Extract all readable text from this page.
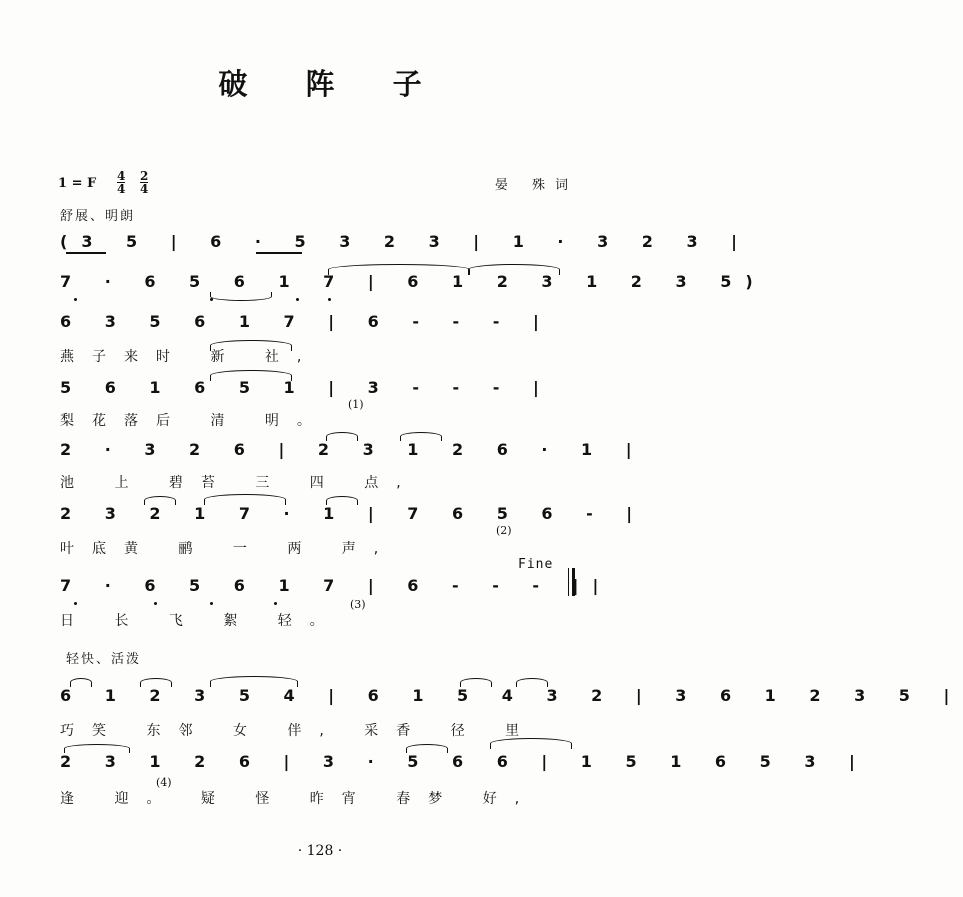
破 阵 子
1 = F $\frac{4}{4} \frac{2}{4}$	晏 殊词
舒展、明朗
(3 5 | 6 · 5 3 2 3 | 1 · 3 2 3 |
7 · 6 5 6 1 7 | 6 1 2 3 1 2 3 5)
6 3 5 6 1 7 | 6 - - - |
燕子来时 新 社,
5 6 1 6 5 1 | 3 - - - |
梨花落后 清 明。
(1)
2 · 3 2 6 | 2 3 1 2 6 · 1 |
池 上 碧苔 三 四 点,
2 3 2 1 7 · 1 | 7 6 5 6 - |
叶底黄 鹂 一 两 声,
(2)
Fine
7 · 6 5 6 1 7 | 6 - - - ||
日 长 飞 絮 轻。
(3)
轻快、活泼
6 1 2 3 5 4 | 6 1 5 4 3 2 | 3 6 1 2 3 5 |
巧笑 东邻 女 伴, 采香 径 里
2 3 1 2 6 | 3 · 5 6 6 | 1 5 1 6 5 3 |
逢 迎。 疑 怪 昨宵 春梦 好,
(4)
· 128 ·
